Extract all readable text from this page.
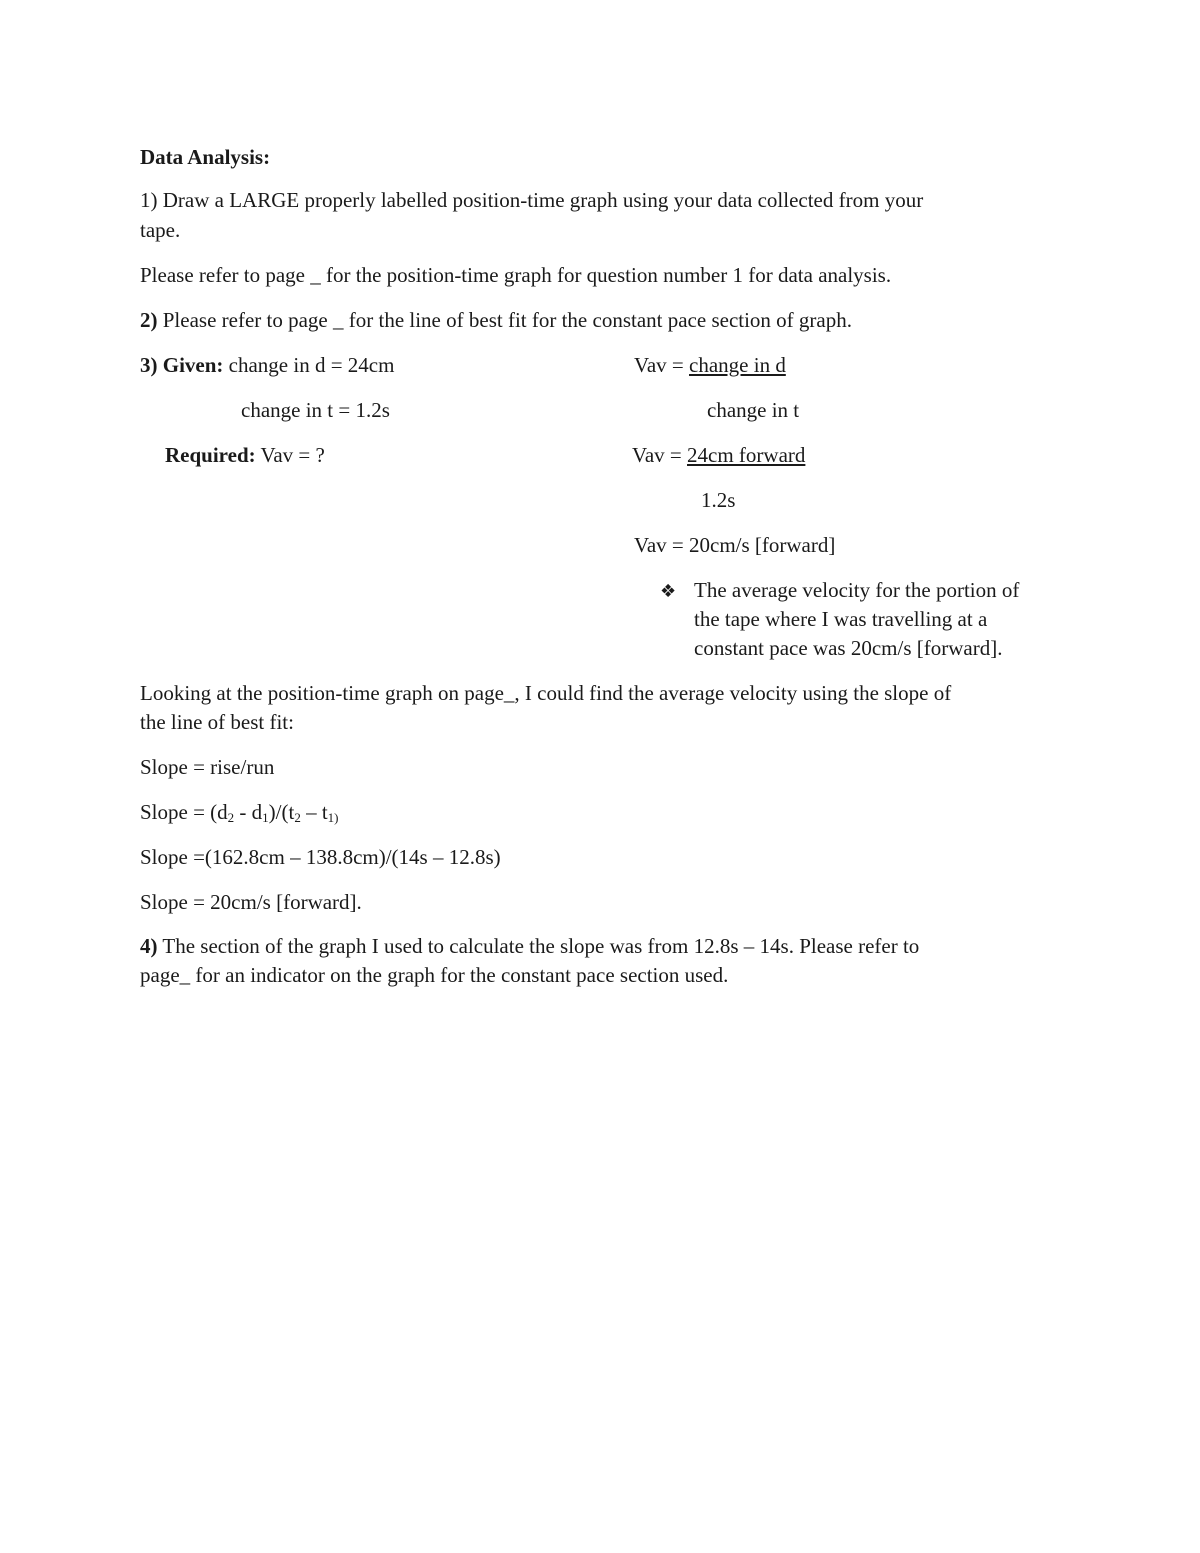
Data Analysis:
1) Draw a LARGE properly labelled position-time graph using your data collected from your
tape.
Please refer to page _ for the position-time graph for question number 1 for data analysis.
2) Please refer to page _ for the line of best fit for the constant pace section of graph.
3) Given: change in d = 24cm
change in t = 1.2s
Required: Vav = ?
Vav = change in d
change in t
Vav = 24cm forward
1.2s
Vav = 20cm/s [forward]
❖ The average velocity for the portion of
the tape where I was travelling at a
constant pace was 20cm/s [forward].
Looking at the position-time graph on page_, I could find the average velocity using the slope of
the line of best fit:
Slope = rise/run
Slope = $(d_2 - d_1)/(t_2 - t_{1)}$
Slope =(162.8cm – 138.8cm)/(14s – 12.8s)
Slope = 20cm/s [forward].
4) The section of the graph I used to calculate the slope was from 12.8s – 14s. Please refer to
page_ for an indicator on the graph for the constant pace section used.
